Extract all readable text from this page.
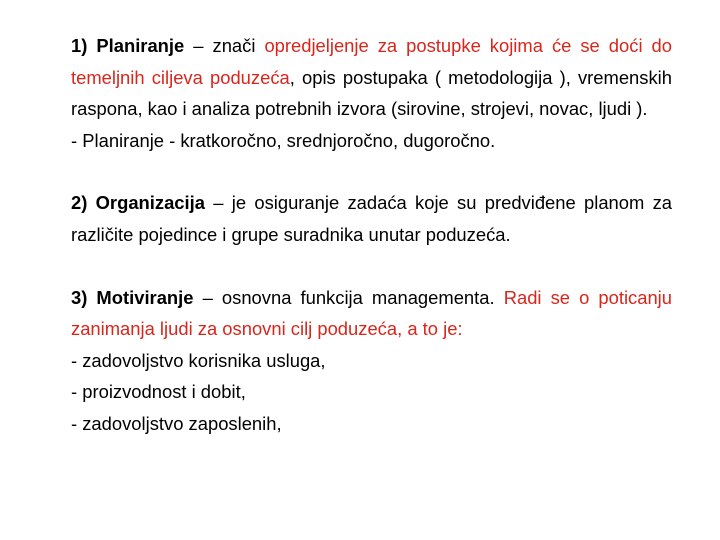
1) Planiranje – znači opredjeljenje za postupke kojima će se doći do temeljnih ciljeva poduzeća, opis postupaka ( metodologija ), vremenskih raspona, kao i analiza potrebnih izvora (sirovine, strojevi, novac, ljudi ).

- Planiranje - kratkoročno, srednjoročno, dugoročno.

2) Organizacija – je osiguranje zadaća koje su predviđene planom za različite pojedince i grupe suradnika unutar poduzeća.

3) Motiviranje – osnovna funkcija managementa. Radi se o poticanju zanimanja ljudi za osnovni cilj poduzeća, a to je:

- zadovoljstvo korisnika usluga,

- proizvodnost i dobit,

- zadovoljstvo zaposlenih,
